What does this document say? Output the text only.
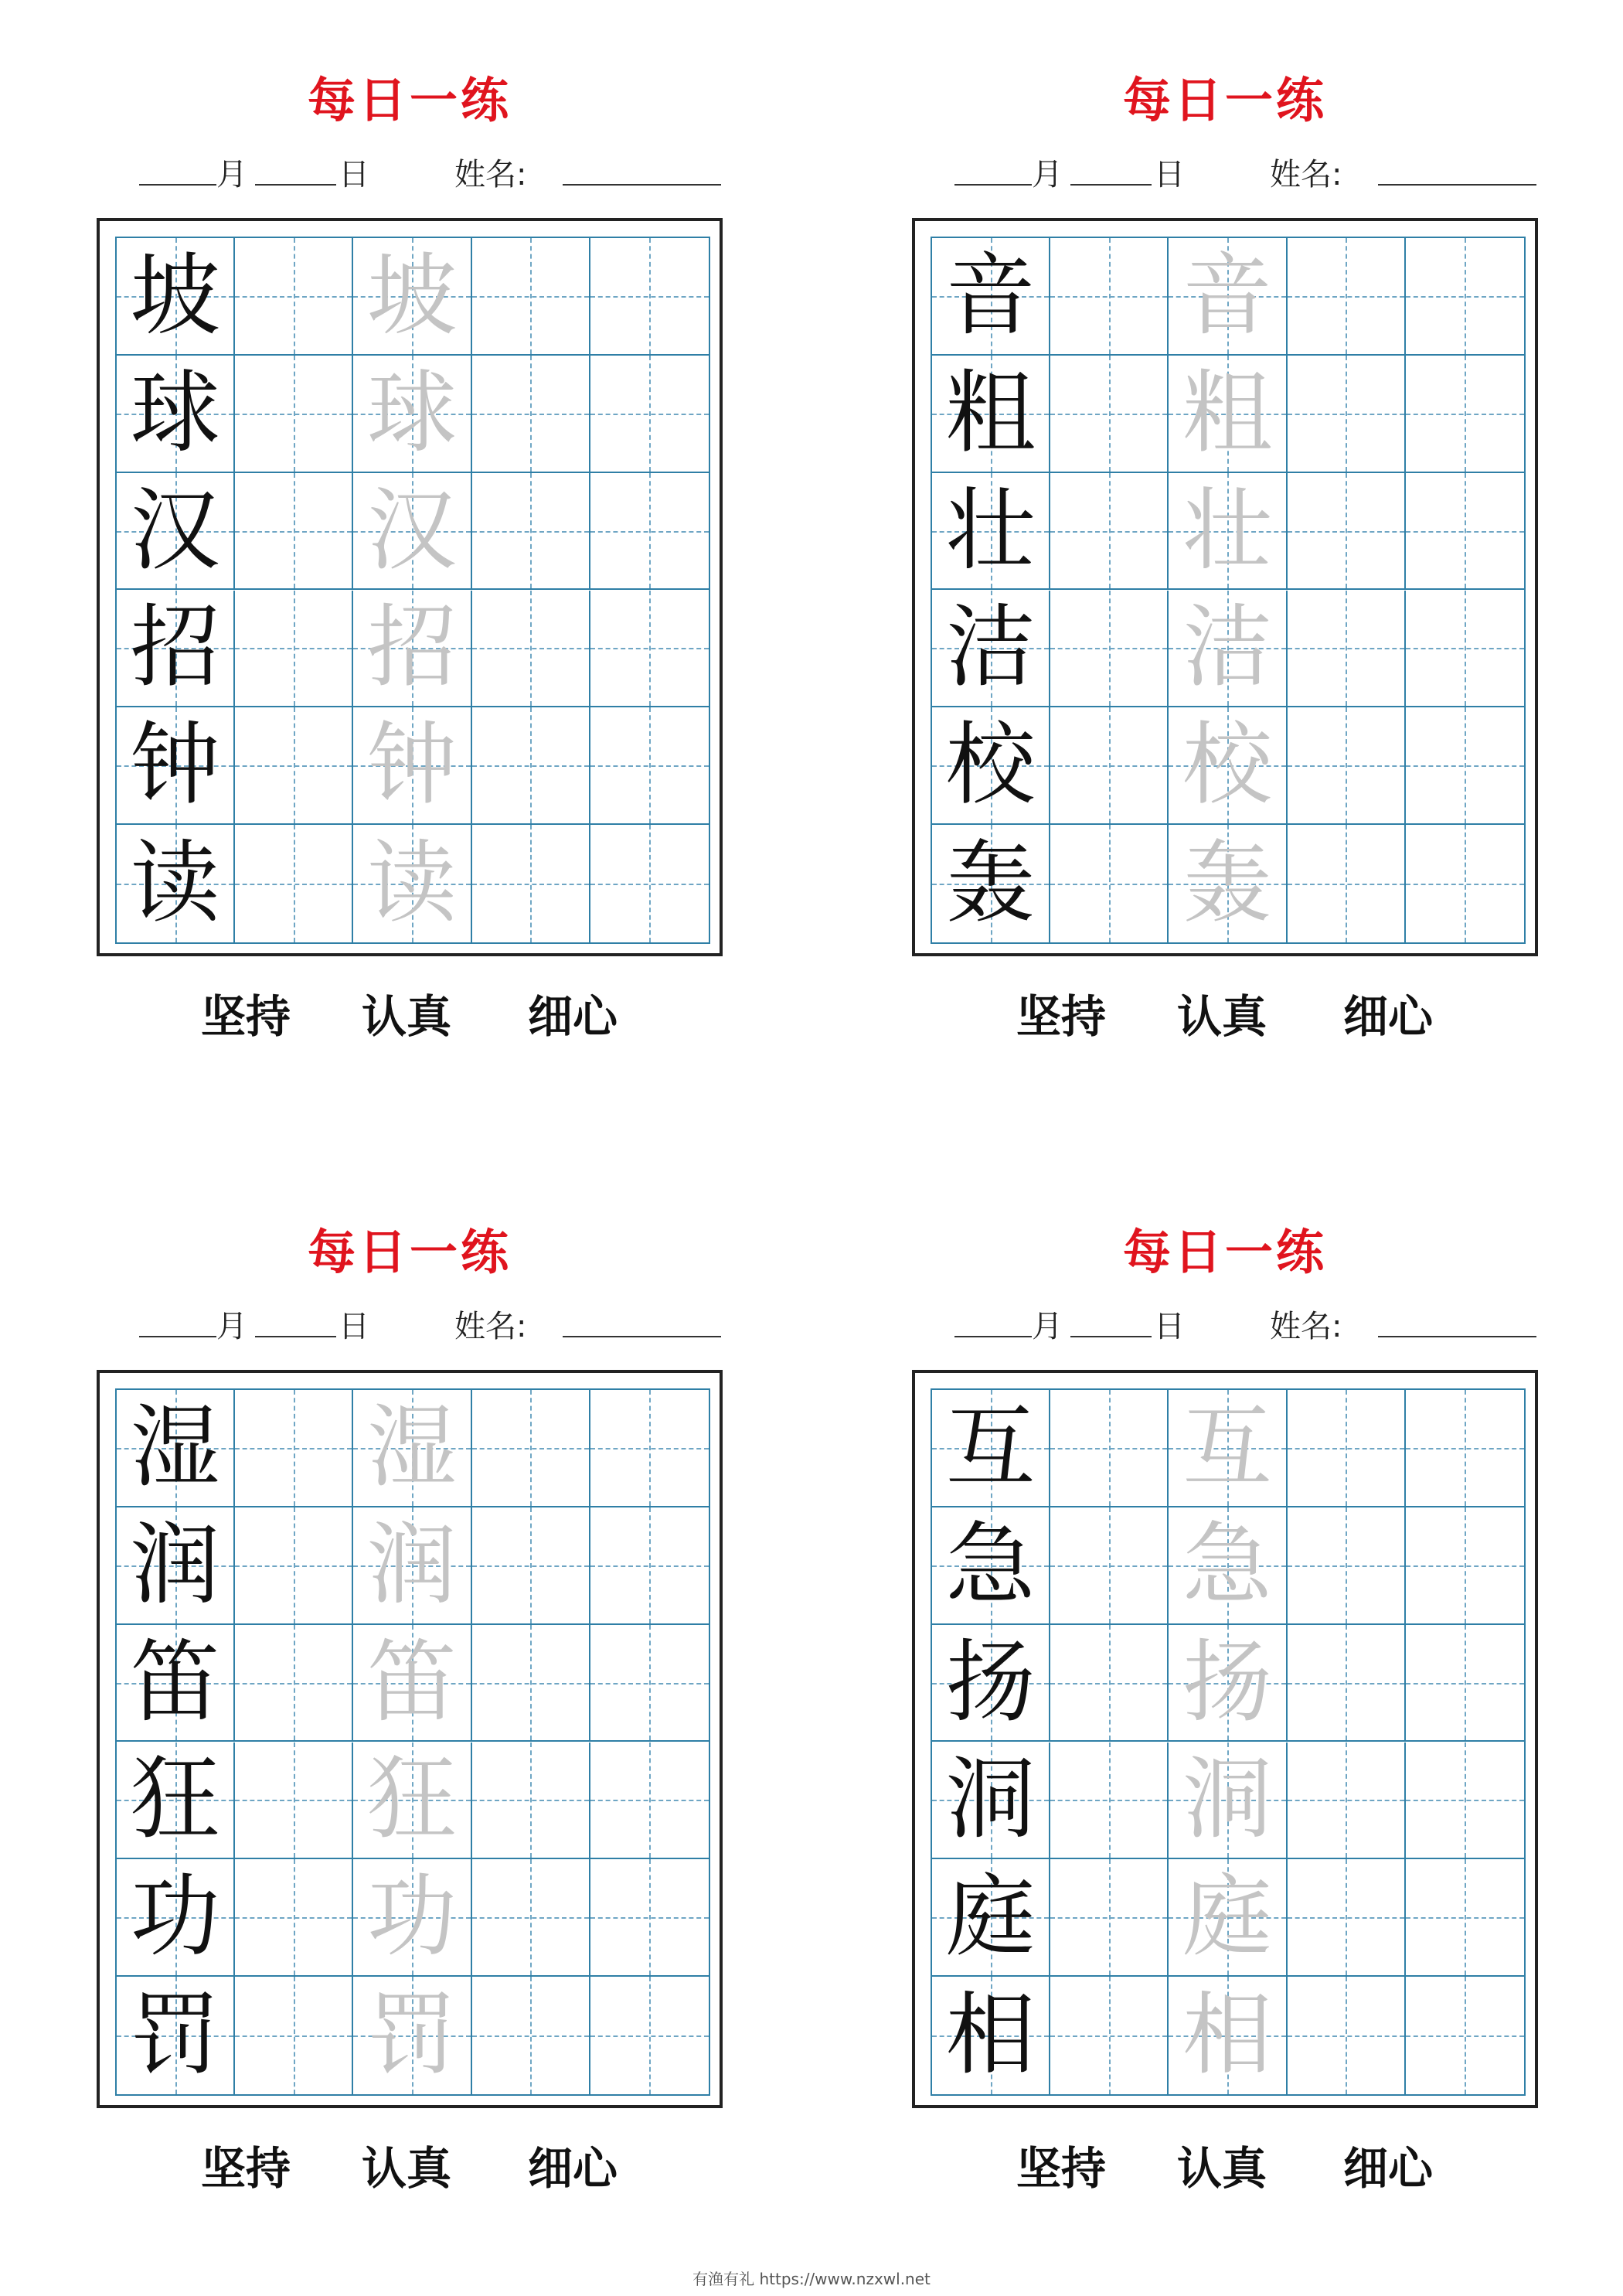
每日一练
月	日	姓名:
坡 坡
球 球
汉 汉
招 招
钟 钟
读 读
坚持 认真 细心
每日一练
月	日	姓名:
音 音
粗 粗
壮 壮
洁 洁
校 校
轰 轰
坚持 认真 细心
每日一练
月	日	姓名:
湿 湿
润 润
笛 笛
狂 狂
功 功
罚 罚
坚持 认真 细心
每日一练
月	日	姓名:
互 互
急 急
扬 扬
洞 洞
庭 庭
相 相
坚持 认真 细心
有渔有礼 https://www.nzxwl.net
